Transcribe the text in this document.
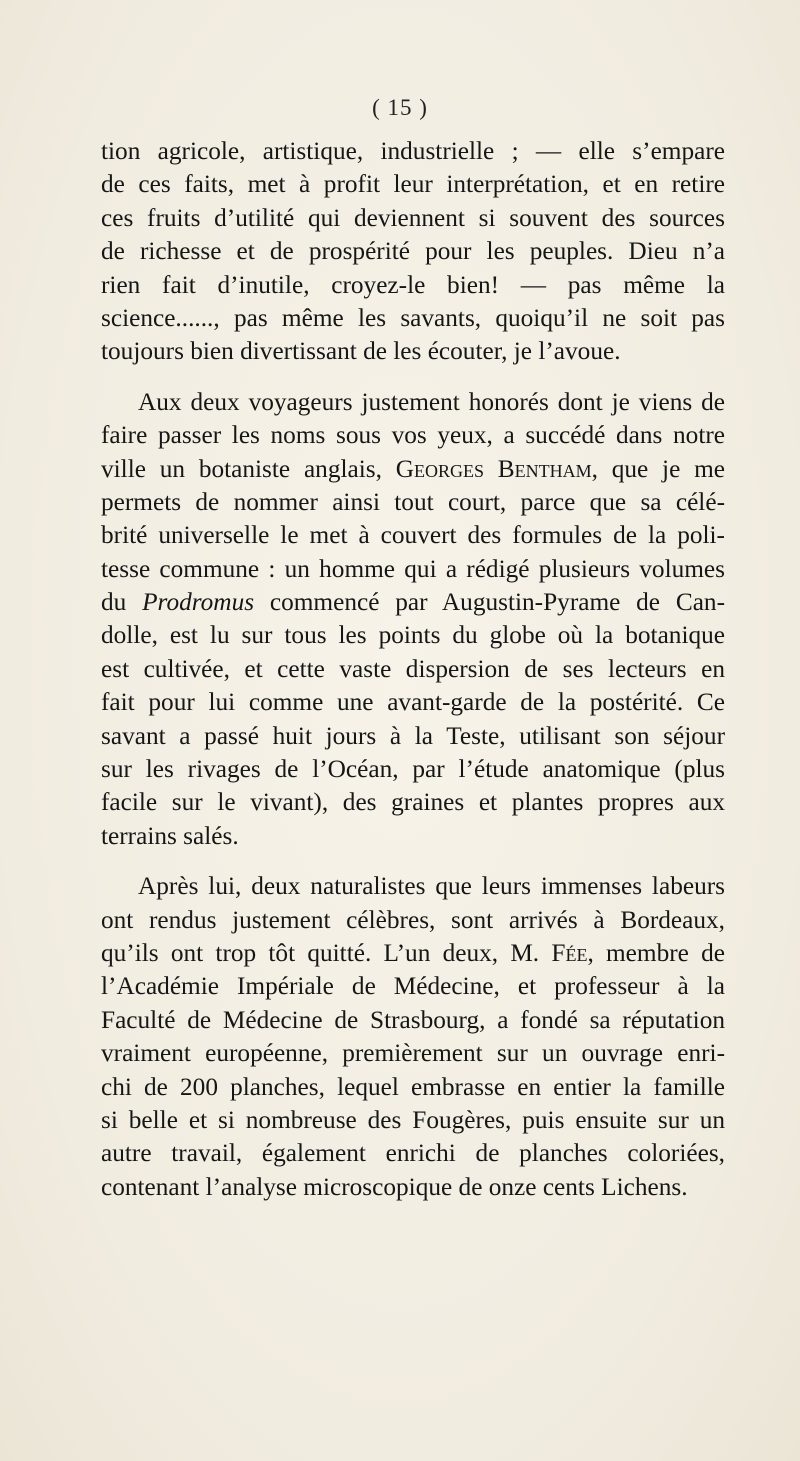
( 15 )

tion agricole, artistique, industrielle ; — elle s’empare
de ces faits, met à profit leur interprétation, et en retire
ces fruits d’utilité qui deviennent si souvent des sources
de richesse et de prospérité pour les peuples. Dieu n’a
rien fait d’inutile, croyez-le bien! — pas même la
science......, pas même les savants, quoiqu’il ne soit pas
toujours bien divertissant de les écouter, je l’avoue.

Aux deux voyageurs justement honorés dont je viens de
faire passer les noms sous vos yeux, a succédé dans notre
ville un botaniste anglais, Georges Bentham, que je me
permets de nommer ainsi tout court, parce que sa célé-
brité universelle le met à couvert des formules de la poli-
tesse commune : un homme qui a rédigé plusieurs volumes
du Prodromus commencé par Augustin-Pyrame de Can-
dolle, est lu sur tous les points du globe où la botanique
est cultivée, et cette vaste dispersion de ses lecteurs en
fait pour lui comme une avant-garde de la postérité. Ce
savant a passé huit jours à la Teste, utilisant son séjour
sur les rivages de l’Océan, par l’étude anatomique (plus
facile sur le vivant), des graines et plantes propres aux
terrains salés.

Après lui, deux naturalistes que leurs immenses labeurs
ont rendus justement célèbres, sont arrivés à Bordeaux,
qu’ils ont trop tôt quitté. L’un deux, M. Fée, membre de
l’Académie Impériale de Médecine, et professeur à la
Faculté de Médecine de Strasbourg, a fondé sa réputation
vraiment européenne, premièrement sur un ouvrage enri-
chi de 200 planches, lequel embrasse en entier la famille
si belle et si nombreuse des Fougères, puis ensuite sur un
autre travail, également enrichi de planches coloriées,
contenant l’analyse microscopique de onze cents Lichens.
